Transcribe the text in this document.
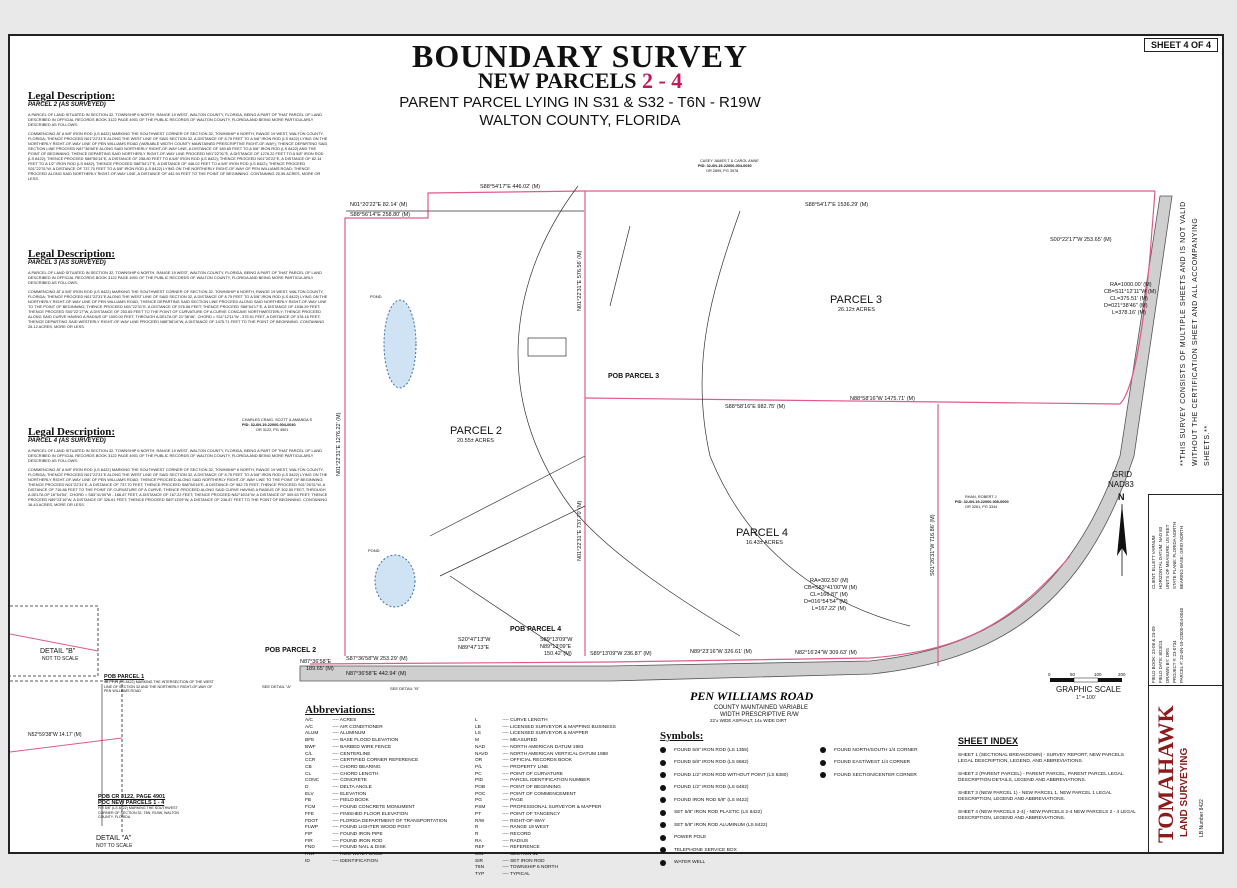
BOUNDARY SURVEY
NEW PARCELS 2 - 4
PARENT PARCEL LYING IN S31 & S32 - T6N - R19W
WALTON COUNTY, FLORIDA
SHEET 4 OF 4
Legal Description:
PARCEL 2 (AS SURVEYED)
A PARCEL OF LAND SITUATED IN SECTION 32, TOWNSHIP 6 NORTH, RANGE 19 WEST, WALTON COUNTY, FLORIDA, BEING A PART OF THAT PARCEL OF LAND DESCRIBED IN OFFICIAL RECORDS BOOK 3122 PAGE 4901 OF THE PUBLIC RECORDS OF WALTON COUNTY, FLORIDA AND BEING MORE PARTICULARLY DESCRIBED AS FOLLOWS:
COMMENCING AT A 5/8" IRON ROD (LS 8422) MARKING THE SOUTHWEST CORNER OF SECTION 32, TOWNSHIP 6 NORTH, RANGE 19 WEST, WALTON COUNTY, FLORIDA; THENCE PROCEED N01°22'31"E ALONG THE WEST LINE OF SAID SECTION 32, A DISTANCE OF 8.75 FEET TO A 5/8" IRON ROD (LS 8422) LYING ON THE NORTHERLY RIGHT-OF-WAY LINE OF PEN WILLIAMS ROAD (VARIABLE WIDTH COUNTY MAINTAINED PRESCRIPTIVE RIGHT-OF-WAY); THENCE DEPARTING SAID SECTION LINE PROCEED N87°36'58"E ALONG SAID NORTHERLY RIGHT-OF-WAY LINE, A DISTANCE OF 189.65 FEET TO A 5/8" IRON ROD (LS 8422) AND THE POINT OF BEGINNING; THENCE DEPARTING SAID NORTHERLY RIGHT-OF-WAY LINE PROCEED N01°22'31"E, A DISTANCE OF 1276.22 FEET TO A 5/8" IRON ROD (LS 8422); THENCE PROCEED S88°56'14"E, A DISTANCE OF 258.80 FEET TO A 5/8" IRON ROD (LS 8422); THENCE PROCEED N01°20'22"E, A DISTANCE OF 82.14 FEET TO A 1/2" IRON ROD (LS 6482); THENCE PROCEED S88°54'17"E, A DISTANCE OF 446.02 FEET TO A 5/8" IRON ROD (LS 8422); THENCE PROCEED S01°22'31"W, A DISTANCE OF 737.70 FEET TO A 5/8" IRON ROD (LS 8422) LYING ON THE NORTHERLY RIGHT-OF-WAY OF PEN WILLIAMS ROAD; THENCE PROCEED ALONG SAID NORTHERLY RIGHT-OF-WAY LINE, A DISTANCE OF 442.94 FEET TO THE POINT OF BEGINNING. CONTAINING 20.55 ACRES, MORE OR LESS.
Legal Description:
PARCEL 3 (AS SURVEYED)
A PARCEL OF LAND SITUATED IN SECTION 32, TOWNSHIP 6 NORTH, RANGE 19 WEST, WALTON COUNTY, FLORIDA, BEING A PART OF THAT PARCEL OF LAND DESCRIBED IN OFFICIAL RECORDS BOOK 3122 PAGE 4901 OF THE PUBLIC RECORDS OF WALTON COUNTY, FLORIDA AND BEING MORE PARTICULARLY DESCRIBED AS FOLLOWS:
COMMENCING AT A 5/8" IRON ROD (LS 8422) MARKING THE SOUTHWEST CORNER OF SECTION 32, TOWNSHIP 6 NORTH, RANGE 19 WEST, WALTON COUNTY, FLORIDA; THENCE PROCEED N01°22'31"E ALONG THE WEST LINE OF SAID SECTION 32, A DISTANCE OF 8.75 FEET TO A 5/8" IRON ROD (LS 8422) LYING ON THE NORTHERLY RIGHT-OF-WAY LINE OF PEN WILLIAMS ROAD; THENCE DEPARTING SAID SECTION LINE PROCEED ALONG SAID NORTHERLY RIGHT-OF-WAY LINE TO THE POINT OF BEGINNING; THENCE PROCEED N01°22'31"E, A DISTANCE OF 576.56 FEET; THENCE PROCEED S88°54'17"E, A DISTANCE OF 1536.29 FEET; THENCE PROCEED S00°22'17"W, A DISTANCE OF 253.65 FEET TO THE POINT OF CURVATURE OF A CURVE CONCAVE NORTHWESTERLY; THENCE PROCEED ALONG SAID CURVE HAVING A RADIUS OF 1000.00 FEET, THROUGH A DELTA OF 21°38'46", CHORD = S11°12'11"W - 375.51 FEET, A DISTANCE OF 378.16 FEET; THENCE DEPARTING SAID WESTERLY RIGHT-OF-WAY LINE PROCEED N88°58'16"W, A DISTANCE OF 1475.71 FEET TO THE POINT OF BEGINNING. CONTAINING 26.12 ACRES, MORE OR LESS.
Legal Description:
PARCEL 4 (AS SURVEYED)
A PARCEL OF LAND SITUATED IN SECTION 32, TOWNSHIP 6 NORTH, RANGE 19 WEST, WALTON COUNTY, FLORIDA, BEING A PART OF THAT PARCEL OF LAND DESCRIBED IN OFFICIAL RECORDS BOOK 3122 PAGE 4901 OF THE PUBLIC RECORDS OF WALTON COUNTY, FLORIDA AND BEING MORE PARTICULARLY DESCRIBED AS FOLLOWS:
COMMENCING AT A 5/8" IRON ROD (LS 8422) MARKING THE SOUTHWEST CORNER OF SECTION 32, TOWNSHIP 6 NORTH, RANGE 19 WEST, WALTON COUNTY, FLORIDA; THENCE PROCEED N01°22'31"E ALONG THE WEST LINE OF SAID SECTION 32, A DISTANCE OF 8.75 FEET TO A 5/8" IRON ROD (LS 8422) LYING ON THE NORTHERLY RIGHT-OF-WAY LINE OF PEN WILLIAMS ROAD; THENCE PROCEED ALONG SAID NORTHERLY RIGHT-OF-WAY LINE TO THE POINT OF BEGINNING; THENCE PROCEED N01°22'31"E, A DISTANCE OF 737.70 FEET; THENCE PROCEED S88°58'16"E, A DISTANCE OF 982.75 FEET; THENCE PROCEED S01°26'31"W, A DISTANCE OF 716.86 FEET TO THE POINT OF CURVATURE OF A CURVE; THENCE PROCEED ALONG SAID CURVE HAVING A RADIUS OF 302.50 FEET, THROUGH A DELTA OF 16°54'54", CHORD = S83°41'00"W - 166.87 FEET, A DISTANCE OF 167.22 FEET; THENCE PROCEED N82°16'24"W, A DISTANCE OF 309.63 FEET; THENCE PROCEED N89°23'16"W, A DISTANCE OF 326.61 FEET; THENCE PROCEED S89°13'09"W, A DISTANCE OF 236.87 FEET TO THE POINT OF BEGINNING. CONTAINING 16.43 ACRES, MORE OR LESS.
PARCEL 2
20.55± ACRES
PARCEL 3
26.12± ACRES
PARCEL 4
16.43± ACRES
POB PARCEL 2
POB PARCEL 3
POB PARCEL 4
S88°54'17"E 446.02' (M)
S88°54'17"E 1536.29' (M)
N01°20'22"E 82.14' (M)
S88°56'14"E 258.80' (M)
N01°22'31"E 1276.22' (M)
N01°22'31"E 576.56' (M)
N01°22'31"E 737.70' (M)
S00°22'17"W 253.65' (M)
S88°58'16"E 982.75' (M)
N88°58'16"W 1475.71' (M)
S01°26'31"W 716.86' (M)
S87°36'58"W 253.29' (M)
N87°36'58"E 442.94' (M)
N87°36'58"E
189.65' (M)
S20°47'13"W
N89°47'13"E
S89°13'09"W
N89°13'09"E
150.42' (M)	S89°13'09"W 236.87' (M)	N89°23'16"W 326.61' (M)	N82°16'24"W 309.63' (M)
RA=1000.00' (M)
CB=S11°12'11"W (M)
CL=375.51' (M)
D=021°38'46" (M)
L=378.16' (M)
RA=302.50' (M)
CB=S83°41'00"W (M)
CL=166.87' (M)
D=016°54'54" (M)
L=167.22' (M)
CASEY JAMES T & CAROL ANNE
PID: 32-6N-19-22000-004-0030
OR 2899, PG 3978
CHARLES CRAIG, SCOTT & AMANDA S
PID: 32-6N-19-22000-004-0040
OR 3122, PG 4901
RHAN, ROBERT J
PID: 32-6N-19-22000-005-0000
OR 3261, PG 3344
POND
POND
PEN WILLIAMS ROAD
COUNTY MAINTAINED VARIABLE
WIDTH PRESCRIPTIVE R/W
22'± WIDE ASPHALT, 14± WIDE DIRT
SEE DETAIL "B"
SEE DETAIL "A"
GRID
NAD83
N
0	50	100	200
GRAPHIC SCALE
1" = 100'
DETAIL "B"
NOT TO SCALE
N52°59'38"W 14.17' (M)
DETAIL "A"
NOT TO SCALE
POB PARCEL 1
SET PIN (LS 8422) MARKING THE INTERSECTION OF THE WEST LINE OF SECTION 32 AND THE NORTHERLY RIGHT-OF-WAY OF PEN WILLIAMS ROAD
POB CR 3122, PAGE 4901
POC NEW PARCELS 1 - 4
FIR 5/8" (LS 8422) MARKING THE SOUTHWEST CORNER OF SECTION 32, T6N, R19W, WALTON COUNTY, FLORIDA
Abbreviations:
A/C	---- ACRES
A/C	---- AIR CONDITIONER
ALUM	---- ALUMINUM
BFE	---- BASE FLOOD ELEVATION
BWF	---- BARBED WIRE FENCE
C/L	---- CENTERLINE
CCR	---- CERTIFIED CORNER REFERENCE
CB	---- CHORD BEARING
CL	---- CHORD LENGTH
CONC ---- CONCRETE
D	---- DELTA ANGLE
ELV	---- ELEVATION
FB	---- FIELD BOOK
FCM	---- FOUND CONCRETE MONUMENT
FFE	---- FINISHED FLOOR ELEVATION
FDOT	---- FLORIDA DEPARTMENT OF TRANSPORTATION
FLWP	---- FOUND LIGHTER WOOD POST
FIP	---- FOUND IRON PIPE
FIR	---- FOUND IRON ROD
FND	---- FOUND NAIL & DISK
HWF	---- HOG WIRE FENCE
ID	---- IDENTIFICATION
L	---- CURVE LENGTH
LB	---- LICENSED SURVEYOR & MAPPING BUSINESS
LS	---- LICENSED SURVEYOR & MAPPER
M	---- MEASURED
NAD	---- NORTH AMERICAN DATUM 1983
NAVD	---- NORTH AMERICAN VERTICAL DATUM 1988
OR	---- OFFICIAL RECORDS BOOK
P/L	---- PROPERTY LINE
PC	---- POINT OF CURVATURE
PID	---- PARCEL IDENTIFICATION NUMBER
POB	---- POINT OF BEGINNING
POC	---- POINT OF COMMENCEMENT
PG	---- PAGE
PSM	---- PROFESSIONAL SURVEYOR & MAPPER
PT	---- POINT OF TANGENCY
R/W	---- RIGHT-OF-WAY
R	---- RANGE 19 WEST
R	---- RECORD
RA	---- RADIUS
REF	---- REFERENCE
S31	---- SECTION 31
SIR	---- SET IRON ROD
T6N	---- TOWNSHIP 6 NORTH
TYP	---- TYPICAL
Symbols:
FOUND 5/8" IRON ROD (LS 1355)
FOUND 5/8" IRON ROD (LS 6682)
FOUND 1/2" IRON ROD WITHOUT POINT (LS 6380)
FOUND 1/2" IRON ROD (LS 6482)
FOUND IRON ROD 5/8" (LS 8422)
SET 5/8" IRON ROD PLASTIC (LS 8422)
SET 5/8" IRON ROD ALUMINUM (LS 8422)
POWER POLE
TELEPHONE SERVICE BOX
WATER WELL
FOUND NORTH/SOUTH 1/4 CORNER
FOUND EAST/WEST 1/4 CORNER
FOUND SECTION/CENTER CORNER
SHEET INDEX
SHEET 1 (SECTIONAL BREAKDOWN) - SURVEY REPORT, NEW PARCELS LEGAL DESCRIPTION, LEGEND, AND ABBREVIATIONS.
SHEET 2 (PARENT PARCEL) - PARENT PARCEL, PARENT PARCEL LEGAL DESCRIPTION DETAILS, LEGEND AND ABBREVIATIONS.
SHEET 3 (NEW PARCEL 1) - NEW PARCEL 1, NEW PARCEL 1 LEGAL DESCRIPTION, LEGEND AND ABBREVIATIONS.
SHEET 4 (NEW PARCELS 2-4) - NEW PARCELS 2-4 NEW PARCELS 2 - 4 LEGAL DESCRIPTION, LEGEND AND ABBREVIATIONS.
**THIS SURVEY CONSISTS OF MULTIPLE SHEETS AND IS NOT VALID WITHOUT THE CERTIFICATION SHEET AND ALL ACCOMPANYING SHEETS.**
CLIENT: ELLETT VARNUM HORIZONTAL DATUM: NAD 83 UNITS OF MEASURE: US FEET STATE PLANE: FLORIDA NORTH BEARING BASE: GRID NORTH
FIELD BOOK: 23-08 & 23-09 FIELD DATE: 8/23/23 DRAWN BY: DRS PROJECT #: 23-0734 PARCEL #: 32-6N-19-22000-004-0040
TOMAHAWK LAND SURVEYING LB Number 8422
